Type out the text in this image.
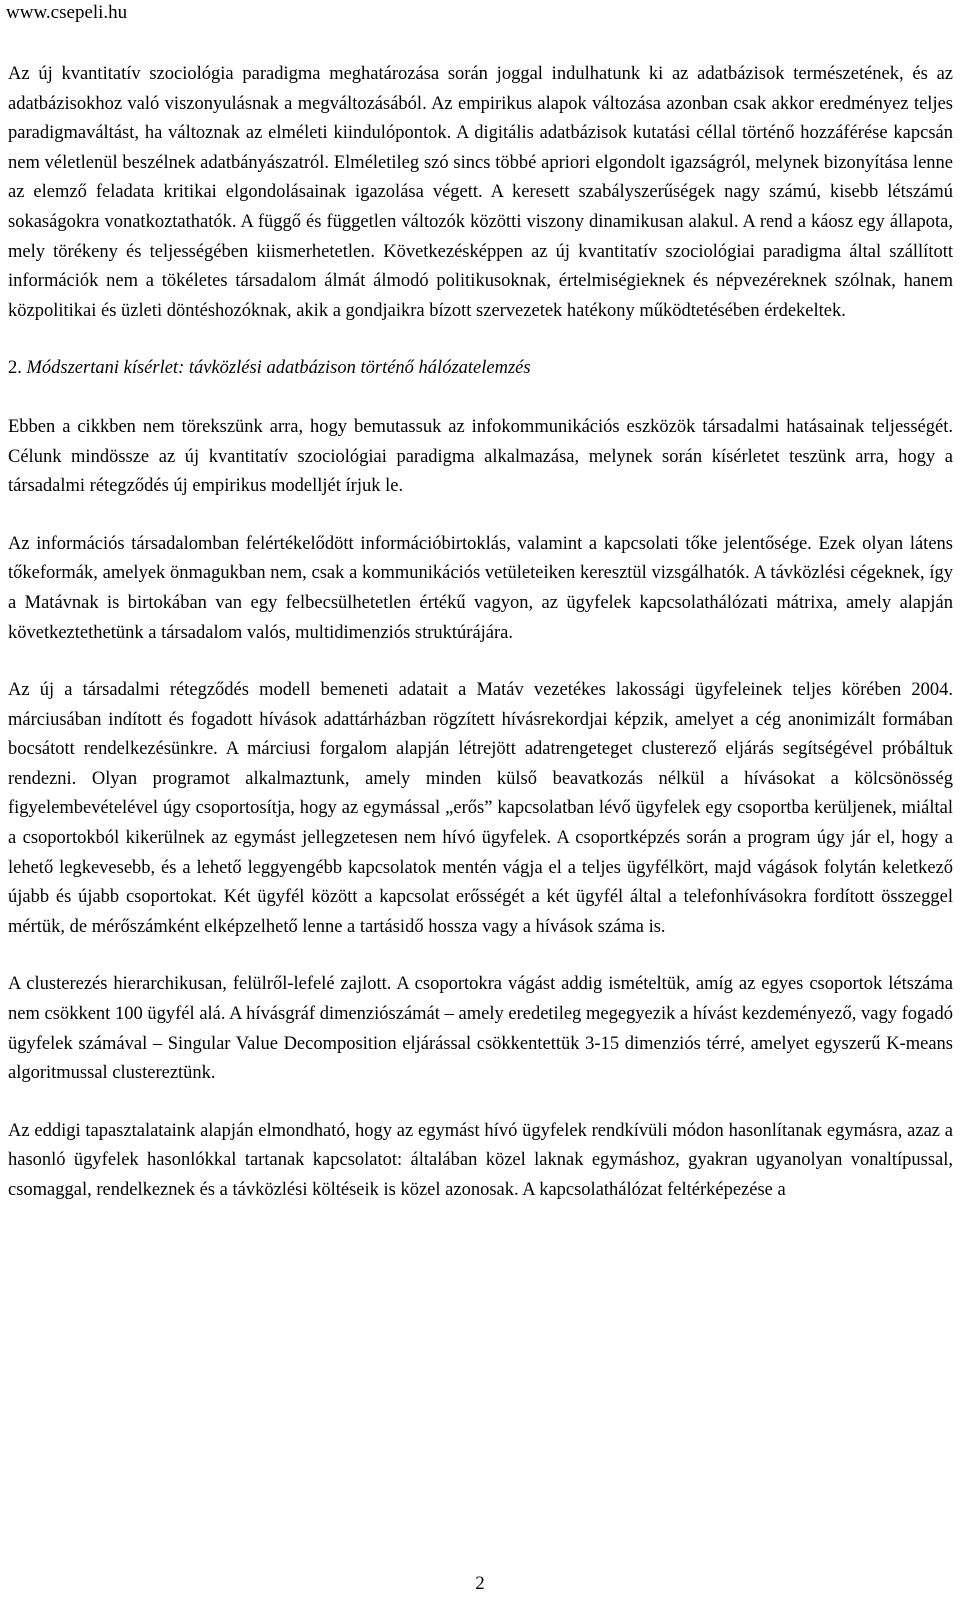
www.csepeli.hu

Az új kvantitatív szociológia paradigma meghatározása során joggal indulhatunk ki az adatbázisok természetének, és az adatbázisokhoz való viszonyulásnak a megváltozásából. Az empirikus alapok változása azonban csak akkor eredményez teljes paradigmaváltást, ha változnak az elméleti kiindulópontok. A digitális adatbázisok kutatási céllal történő hozzáférése kapcsán nem véletlenül beszélnek adatbányászatról. Elméletileg szó sincs többé apriori elgondolt igazságról, melynek bizonyítása lenne az elemző feladata kritikai elgondolásainak igazolása végett. A keresett szabályszerűségek nagy számú, kisebb létszámú sokaságokra vonatkoztathatók. A függő és független változók közötti viszony dinamikusan alakul. A rend a káosz egy állapota, mely törékeny és teljességében kiismerhetetlen. Következésképpen az új kvantitatív szociológiai paradigma által szállított információk nem a tökéletes társadalom álmát álmodó politikusoknak, értelmiségieknek és népvezéreknek szólnak, hanem közpolitikai és üzleti döntéshozóknak, akik a gondjaikra bízott szervezetek hatékony működtetésében érdekeltek.

2. Módszertani kísérlet: távközlési adatbázison történő hálózatelemzés

Ebben a cikkben nem törekszünk arra, hogy bemutassuk az infokommunikációs eszközök társadalmi hatásainak teljességét. Célunk mindössze az új kvantitatív szociológiai paradigma alkalmazása, melynek során kísérletet teszünk arra, hogy a társadalmi rétegződés új empirikus modelljét írjuk le.

Az információs társadalomban felértékelődött információbirtoklás, valamint a kapcsolati tőke jelentősége. Ezek olyan látens tőkeformák, amelyek önmagukban nem, csak a kommunikációs vetületeiken keresztül vizsgálhatók. A távközlési cégeknek, így a Matávnak is birtokában van egy felbecsülhetetlen értékű vagyon, az ügyfelek kapcsolathálózati mátrixa, amely alapján következtethetünk a társadalom valós, multidimenziós struktúrájára.

Az új a társadalmi rétegződés modell bemeneti adatait a Matáv vezetékes lakossági ügyfeleinek teljes körében 2004. márciusában indított és fogadott hívások adattárházban rögzített hívásrekordjai képzik, amelyet a cég anonimizált formában bocsátott rendelkezésünkre. A márciusi forgalom alapján létrejött adatrengeteget clusterező eljárás segítségével próbáltuk rendezni. Olyan programot alkalmaztunk, amely minden külső beavatkozás nélkül a hívásokat a kölcsönösség figyelembevételével úgy csoportosítja, hogy az egymással „erős” kapcsolatban lévő ügyfelek egy csoportba kerüljenek, miáltal a csoportokból kikerülnek az egymást jellegzetesen nem hívó ügyfelek. A csoportképzés során a program úgy jár el, hogy a lehető legkevesebb, és a lehető leggyengébb kapcsolatok mentén vágja el a teljes ügyfélkört, majd vágások folytán keletkező újabb és újabb csoportokat. Két ügyfél között a kapcsolat erősségét a két ügyfél által a telefonhívásokra fordított összeggel mértük, de mérőszámként elképzelhető lenne a tartásidő hossza vagy a hívások száma is.

A clusterezés hierarchikusan, felülről-lefelé zajlott. A csoportokra vágást addig ismételtük, amíg az egyes csoportok létszáma nem csökkent 100 ügyfél alá. A hívásgráf dimenziószámát – amely eredetileg megegyezik a hívást kezdeményező, vagy fogadó ügyfelek számával – Singular Value Decomposition eljárással csökkentettük 3-15 dimenziós térré, amelyet egyszerű K-means algoritmussal clustereztünk.

Az eddigi tapasztalataink alapján elmondható, hogy az egymást hívó ügyfelek rendkívüli módon hasonlítanak egymásra, azaz a hasonló ügyfelek hasonlókkal tartanak kapcsolatot: általában közel laknak egymáshoz, gyakran ugyanolyan vonaltípussal, csomaggal, rendelkeznek és a távközlési költéseik is közel azonosak. A kapcsolathálózat feltérképezése a

2
